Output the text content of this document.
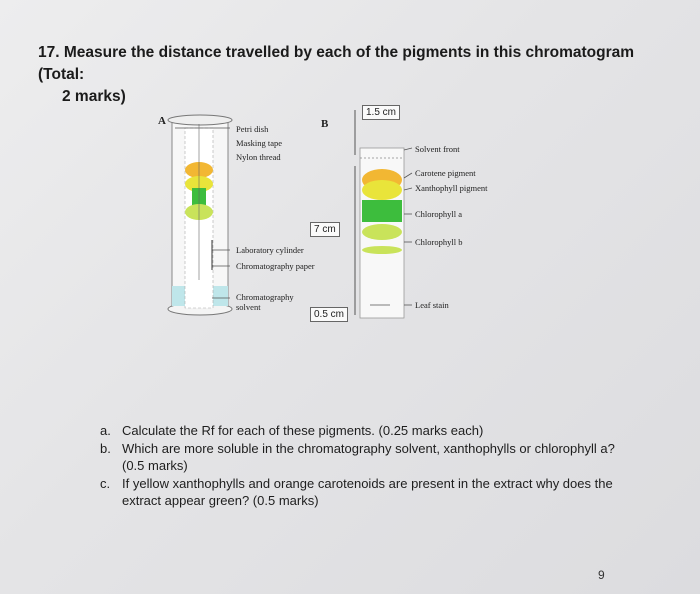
17. Measure the distance travelled by each of the pigments in this chromatogram (Total:
2 marks)
A	B
Petri dish
Masking tape
Nylon thread
Laboratory cylinder
Chromatography paper
Chromatography
solvent
Solvent front
Carotene pigment
Xanthophyll pigment
Chlorophyll a
Chlorophyll b
Leaf stain
1.5 cm
7 cm
0.5 cm
a. Calculate the Rf for each of these pigments. (0.25 marks each)
b. Which are more soluble in the chromatography solvent, xanthophylls or chlorophyll a? (0.5 marks)
c. If yellow xanthophylls and orange carotenoids are present in the extract why does the extract appear green? (0.5 marks)
9
